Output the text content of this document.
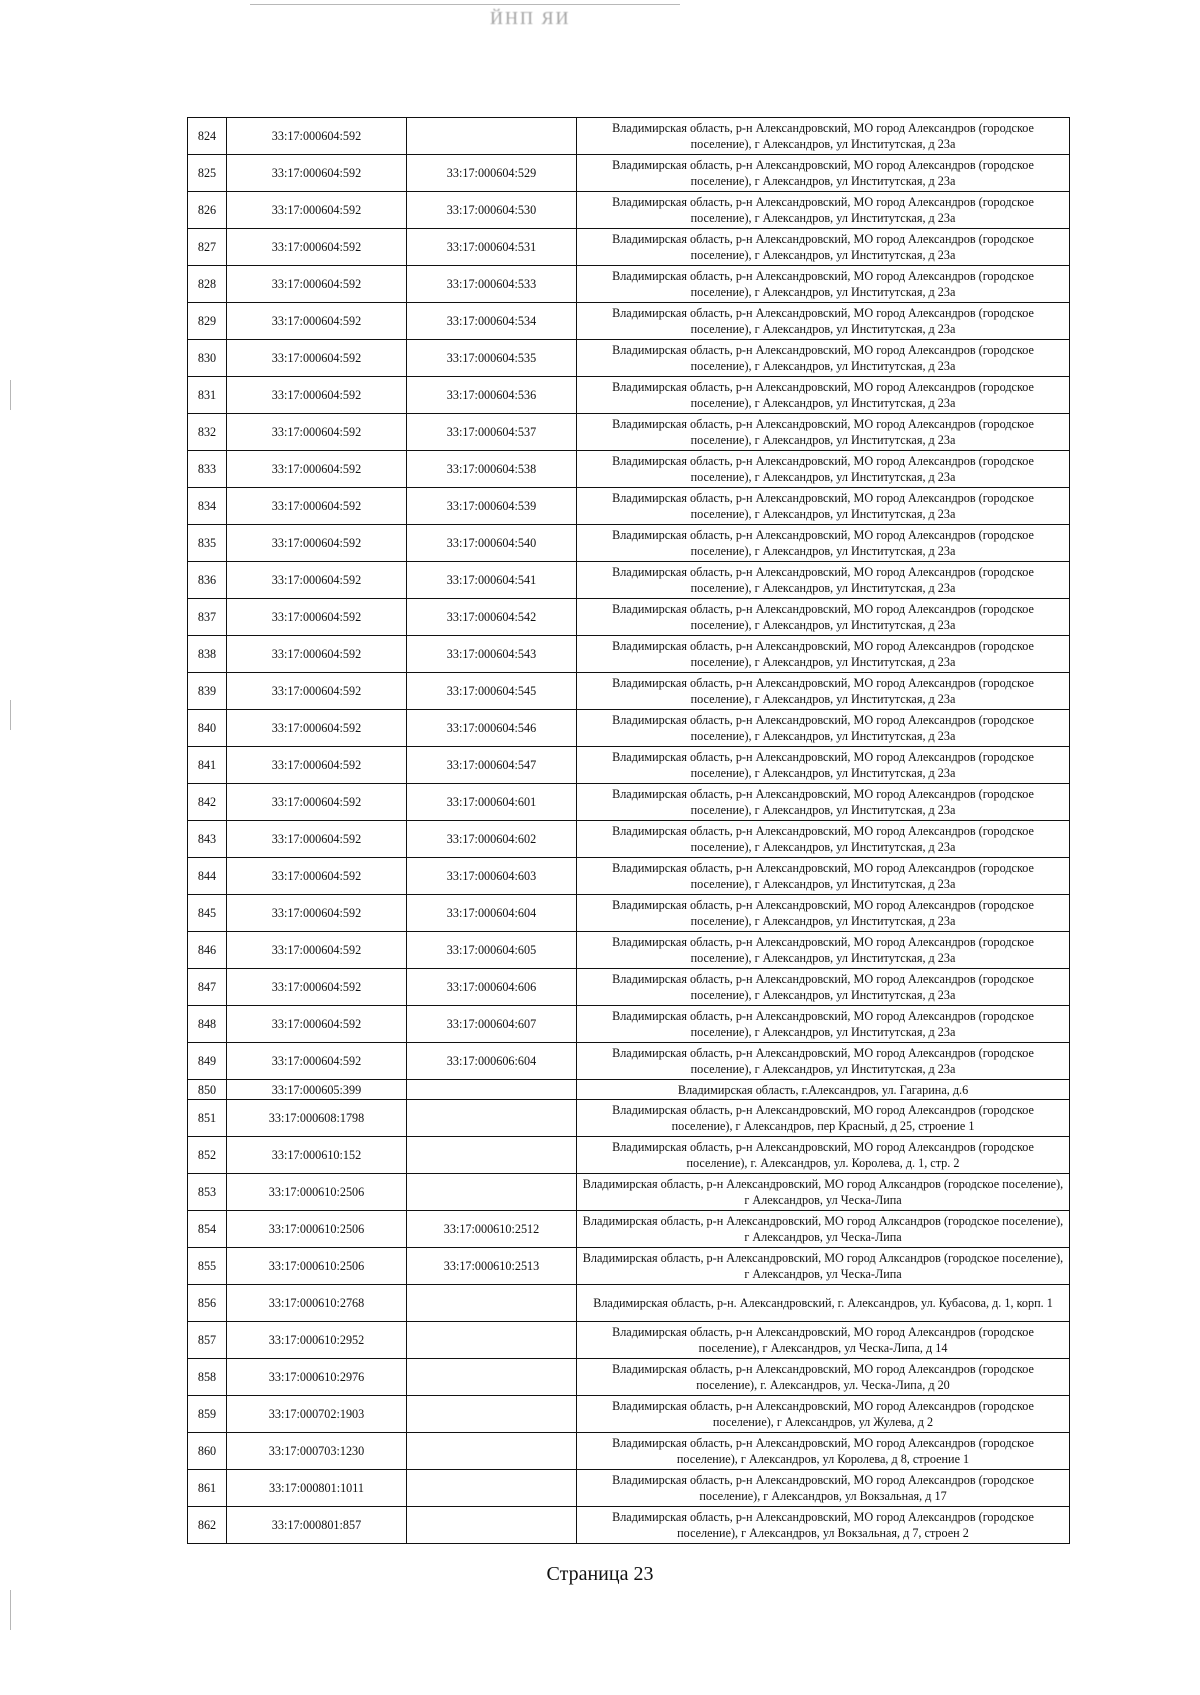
ЙНП ЯИ
824	33:17:000604:592		Владимирская область, р-н Александровский, МО город Александров (городское поселение), г Александров, ул Институтская, д 23а
825	33:17:000604:592	33:17:000604:529	Владимирская область, р-н Александровский, МО город Александров (городское поселение), г Александров, ул Институтская, д 23а
826	33:17:000604:592	33:17:000604:530	Владимирская область, р-н Александровский, МО город Александров (городское поселение), г Александров, ул Институтская, д 23а
827	33:17:000604:592	33:17:000604:531	Владимирская область, р-н Александровский, МО город Александров (городское поселение), г Александров, ул Институтская, д 23а
828	33:17:000604:592	33:17:000604:533	Владимирская область, р-н Александровский, МО город Александров (городское поселение), г Александров, ул Институтская, д 23а
829	33:17:000604:592	33:17:000604:534	Владимирская область, р-н Александровский, МО город Александров (городское поселение), г Александров, ул Институтская, д 23а
830	33:17:000604:592	33:17:000604:535	Владимирская область, р-н Александровский, МО город Александров (городское поселение), г Александров, ул Институтская, д 23а
831	33:17:000604:592	33:17:000604:536	Владимирская область, р-н Александровский, МО город Александров (городское поселение), г Александров, ул Институтская, д 23а
832	33:17:000604:592	33:17:000604:537	Владимирская область, р-н Александровский, МО город Александров (городское поселение), г Александров, ул Институтская, д 23а
833	33:17:000604:592	33:17:000604:538	Владимирская область, р-н Александровский, МО город Александров (городское поселение), г Александров, ул Институтская, д 23а
834	33:17:000604:592	33:17:000604:539	Владимирская область, р-н Александровский, МО город Александров (городское поселение), г Александров, ул Институтская, д 23а
835	33:17:000604:592	33:17:000604:540	Владимирская область, р-н Александровский, МО город Александров (городское поселение), г Александров, ул Институтская, д 23а
836	33:17:000604:592	33:17:000604:541	Владимирская область, р-н Александровский, МО город Александров (городское поселение), г Александров, ул Институтская, д 23а
837	33:17:000604:592	33:17:000604:542	Владимирская область, р-н Александровский, МО город Александров (городское поселение), г Александров, ул Институтская, д 23а
838	33:17:000604:592	33:17:000604:543	Владимирская область, р-н Александровский, МО город Александров (городское поселение), г Александров, ул Институтская, д 23а
839	33:17:000604:592	33:17:000604:545	Владимирская область, р-н Александровский, МО город Александров (городское поселение), г Александров, ул Институтская, д 23а
840	33:17:000604:592	33:17:000604:546	Владимирская область, р-н Александровский, МО город Александров (городское поселение), г Александров, ул Институтская, д 23а
841	33:17:000604:592	33:17:000604:547	Владимирская область, р-н Александровский, МО город Александров (городское поселение), г Александров, ул Институтская, д 23а
842	33:17:000604:592	33:17:000604:601	Владимирская область, р-н Александровский, МО город Александров (городское поселение), г Александров, ул Институтская, д 23а
843	33:17:000604:592	33:17:000604:602	Владимирская область, р-н Александровский, МО город Александров (городское поселение), г Александров, ул Институтская, д 23а
844	33:17:000604:592	33:17:000604:603	Владимирская область, р-н Александровский, МО город Александров (городское поселение), г Александров, ул Институтская, д 23а
845	33:17:000604:592	33:17:000604:604	Владимирская область, р-н Александровский, МО город Александров (городское поселение), г Александров, ул Институтская, д 23а
846	33:17:000604:592	33:17:000604:605	Владимирская область, р-н Александровский, МО город Александров (городское поселение), г Александров, ул Институтская, д 23а
847	33:17:000604:592	33:17:000604:606	Владимирская область, р-н Александровский, МО город Александров (городское поселение), г Александров, ул Институтская, д 23а
848	33:17:000604:592	33:17:000604:607	Владимирская область, р-н Александровский, МО город Александров (городское поселение), г Александров, ул Институтская, д 23а
849	33:17:000604:592	33:17:000606:604	Владимирская область, р-н Александровский, МО город Александров (городское поселение), г Александров, ул Институтская, д 23а
850	33:17:000605:399		Владимирская область, г.Александров, ул. Гагарина, д.6
851	33:17:000608:1798		Владимирская область, р-н Александровский, МО город Александров (городское поселение), г Александров, пер Красный, д 25, строение 1
852	33:17:000610:152		Владимирская область, р-н Александровский, МО город Александров (городское поселение), г. Александров, ул. Королева, д. 1, стр. 2
853	33:17:000610:2506		Владимирская область, р-н Александровский, МО город Алксандров (городское поселение), г Александров, ул Ческа-Липа
854	33:17:000610:2506	33:17:000610:2512	Владимирская область, р-н Александровский, МО город Алксандров (городское поселение), г Александров, ул Ческа-Липа
855	33:17:000610:2506	33:17:000610:2513	Владимирская область, р-н Александровский, МО город Алксандров (городское поселение), г Александров, ул Ческа-Липа
856	33:17:000610:2768		Владимирская область, р-н. Александровский, г. Александров, ул. Кубасова, д. 1, корп. 1
857	33:17:000610:2952		Владимирская область, р-н Александровский, МО город Александров (городское поселение), г Александров, ул Ческа-Липа, д 14
858	33:17:000610:2976		Владимирская область, р-н Александровский, МО город Александров (городское поселение), г. Александров, ул. Ческа-Липа, д 20
859	33:17:000702:1903		Владимирская область, р-н Александровский, МО город Александров (городское поселение), г Александров, ул Жулева, д 2
860	33:17:000703:1230		Владимирская область, р-н Александровский, МО город Александров (городское поселение), г Александров, ул Королева, д 8, строение 1
861	33:17:000801:1011		Владимирская область, р-н Александровский, МО город Александров (городское поселение), г Александров, ул Вокзальная, д 17
862	33:17:000801:857		Владимирская область, р-н Александровский, МО город Александров (городское поселение), г Александров, ул Вокзальная, д 7, строен 2
Страница 23
